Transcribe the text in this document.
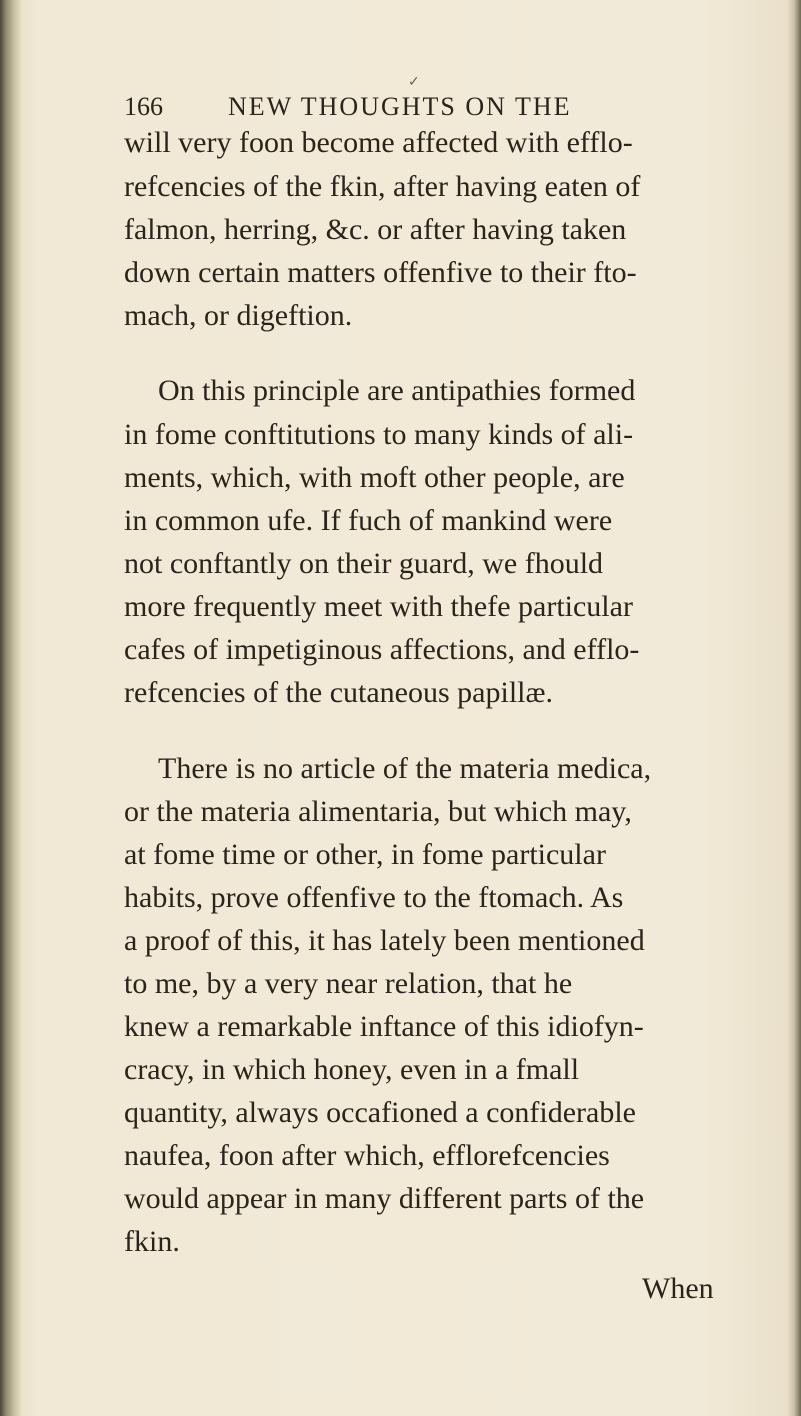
✓
166	NEW THOUGHTS ON THE
will very foon become affected with efflo-
refcencies of the fkin, after having eaten of
falmon, herring, &c. or after having taken
down certain matters offenfive to their fto-
mach, or digeftion.
On this principle are antipathies formed
in fome conftitutions to many kinds of ali-
ments, which, with moft other people, are
in common ufe. If fuch of mankind were
not conftantly on their guard, we fhould
more frequently meet with thefe particular
cafes of impetiginous affections, and efflo-
refcencies of the cutaneous papillæ.
There is no article of the materia medica,
or the materia alimentaria, but which may,
at fome time or other, in fome particular
habits, prove offenfive to the ftomach. As
a proof of this, it has lately been mentioned
to me, by a very near relation, that he
knew a remarkable inftance of this idiofyn-
cracy, in which honey, even in a fmall
quantity, always occafioned a confiderable
naufea, foon after which, efflorefcencies
would appear in many different parts of the
fkin.
When
